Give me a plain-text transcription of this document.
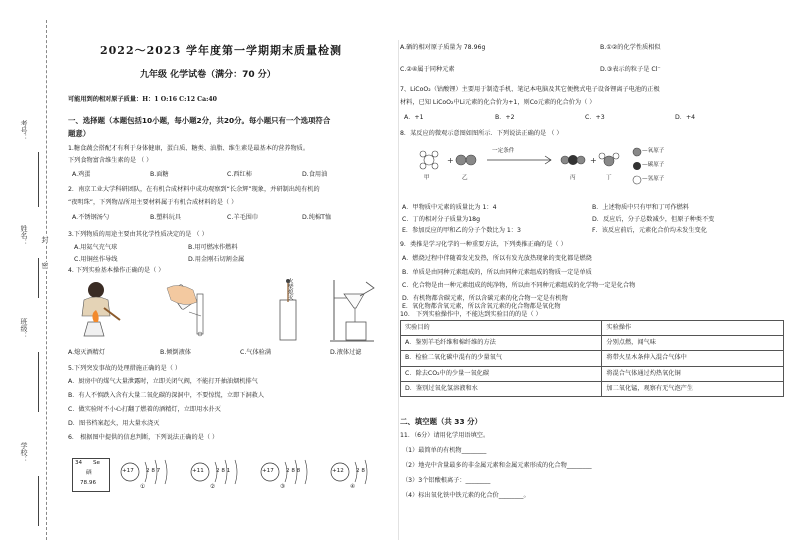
考号：
姓名： 封
密
班级：
学校：
2022～2023 学年度第一学期期末质量检测
九年级 化学试卷（满分：70 分）
可能用到的相对原子质量：H：1 O:16 C:12 Ca:40
一、选择题（本题包括10小题，每小题2分，共20分。每小题只有一个选项符合
题意）
1.糖食蔬会搭配才有利于身体健康，蛋白质、糖类、油脂、维生素是最基本的营养物质。
下列食物富含维生素的是 （ ）
A.鸡蛋	B.面糖	C.西红柿	D.食用油
2．南京工业大学科研团队，在有机合成材料中成功观察到“长余辉”现象，并研制出纯有机的
“夜明珠”，下列物品所用主要材料属于有机合成材料的是（ ）
A.不锈钢汤勺	B.塑料玩具	C.羊毛围巾	D.纯棉T恤
3.下列物质的用途主要由其化学性质决定的是 （ ）
A.用氦气充气球	B.用可燃冰作燃料
C.用铜丝作导线	D.用金刚石切割金属
4. 下列实验基本操作正确的是（ ）
火柴熄灭
A.熄灭酒精灯	B.倾倒液体	C.气体验满	D.液体过滤
5.下列突发事故的处理措施正确的是（ ）
A．厨房中的煤气大量泄露时，立即关闭气阀，不能打开抽油烟机排气
B．有人不慎跌入含有大量二氧化碳的深洞中，不要惊慌，立即下洞救人
C．做实验时不小心打翻了燃着的酒精灯，立即用水扑灭
D．图书档案起火，用大量水浇灭
6． 根据图中提供的信息判断，下列说法正确的是（ ）
34 Se
硒
78.96
+17 2 8 7
①
+11 2 8 1
②
+17 2 8 8
③
+12 2 8
④
A.硒的相对原子质量为 78.96g	B.①②的化学性质相似
C.②④属于同种元素	D.③表示的粒子是 Cl⁻
7、LiCoO₂（钴酸锂）主要用于制造手机、笔记本电脑及其它便携式电子设备锂离子电池的正极
材料，已知 LiCoO₂中Li元素的化合价为+1，则Co元素的化合价为（ ）
A．+1	B．+2	C．+3	D．+4
8．某反应的微观示意图如图所示．下列说法正确的是 （ ）
+	+
一定条件	—氧原子
—碳原子
—氢原子
甲	乙	丙	丁
A．甲物质中元素的质量比为 1：4	B．上述物质中只有甲和丁可作燃料
C．丁的相对分子质量为18g	D．反应后，分子总数减少，但原子种类不变
E．参加反应的甲和乙的分子个数比为 1：3	F．该反应前后，元素化合价均未发生变化
9．类推是学习化学的一种重要方法，下列类推正确的是（ ）
A．燃烧过程中伴随着发光发热，所以有发光放热现象的变化都是燃烧
B．单质是由同种元素组成的，所以由同种元素组成的物质一定是单质
C．化合物是由一种元素组成的纯净物，所以由不同种元素组成的化学物一定是化合物
D．有机物都含碳元素，所以含碳元素的化合物一定是有机物
E．氧化物都含氧元素，所以含氧元素的化合物都是氧化物
10． 下列实验操作中，不能达到实验目的的是（ ）
实验目的	实验操作
A．鉴别羊毛纤维和棉纤维的方法	分别点燃，闻气味
B．检验二氧化碳中混有的少量氧气	将带火星木条伸入混合气体中
C．除去CO₂中的少量一氧化碳	将混合气体通过灼热氧化铜
D．鉴别过氧化氢溶液和水	加二氧化锰，观察有无气泡产生
二、填空题（共 33 分）
11．（6分）请用化学用语填空。
（1）最简单的有机物________
（2）地壳中含量最多的非金属元素和金属元素形成的化合物________
（3）3个铝酸根离子：________
（4）标出氧化铁中铁元素的化合价________。
